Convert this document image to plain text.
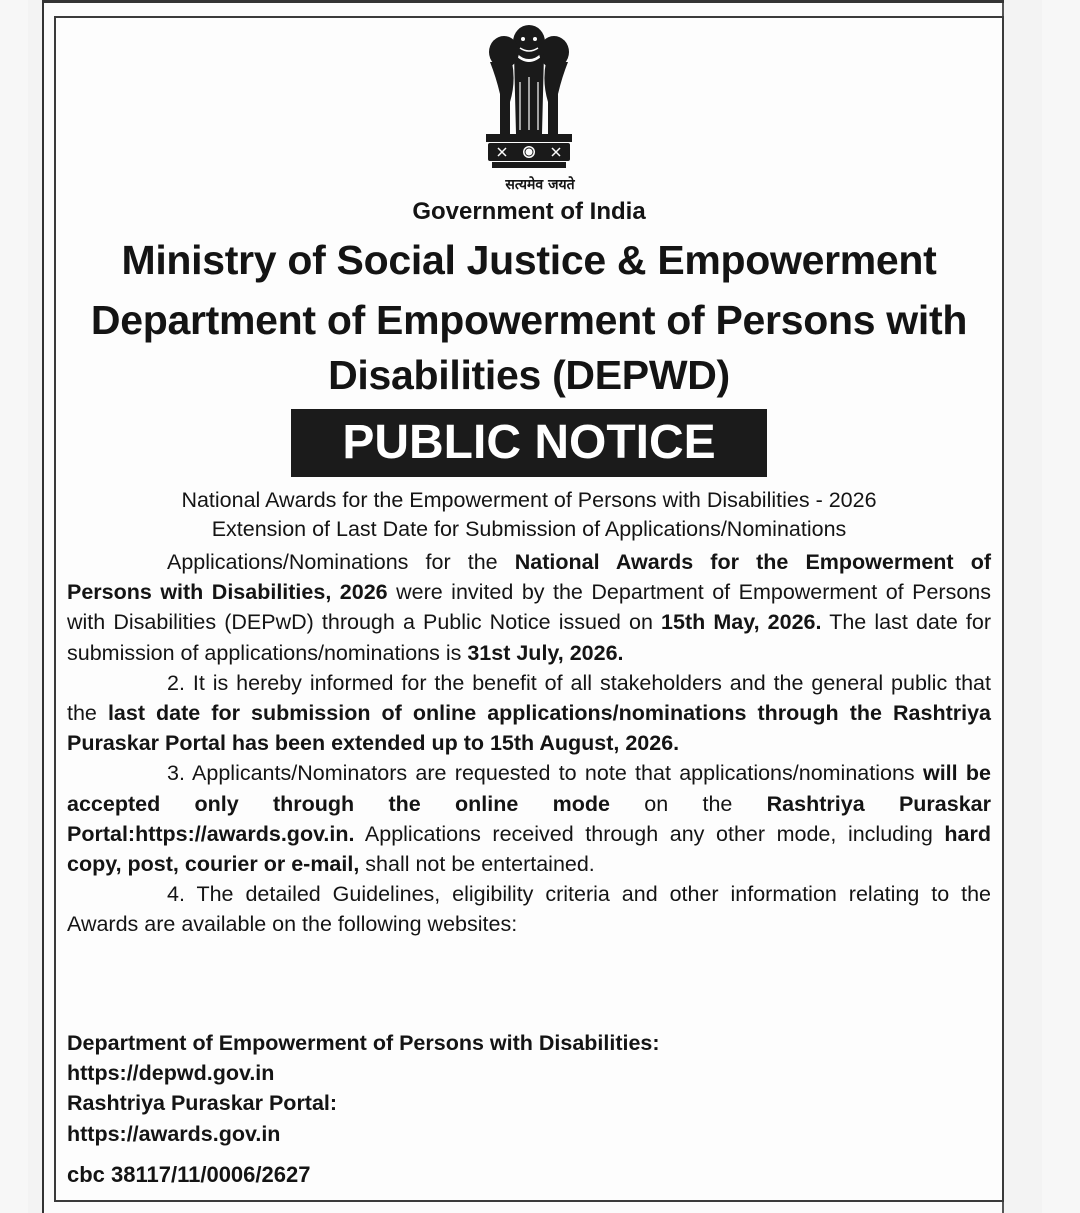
सत्यमेव जयते
Government of India
Ministry of Social Justice & Empowerment
Department of Empowerment of Persons with
Disabilities (DEPWD)
PUBLIC NOTICE
National Awards for the Empowerment of Persons with Disabilities - 2026
Extension of Last Date for Submission of Applications/Nominations

Applications/Nominations for the National Awards for the Empowerment of Persons with Disabilities, 2026 were invited by the Department of Empowerment of Persons with Disabilities (DEPwD) through a Public Notice issued on 15th May, 2026. The last date for submission of applications/nominations is 31st July, 2026.

2. It is hereby informed for the benefit of all stakeholders and the general public that the last date for submission of online applications/nominations through the Rashtriya Puraskar Portal has been extended up to 15th August, 2026.

3. Applicants/Nominators are requested to note that applications/nominations will be accepted only through the online mode on the Rashtriya Puraskar Portal:https://awards.gov.in. Applications received through any other mode, including hard copy, post, courier or e-mail, shall not be entertained.

4. The detailed Guidelines, eligibility criteria and other information relating to the Awards are available on the following websites:

Department of Empowerment of Persons with Disabilities:
https://depwd.gov.in
Rashtriya Puraskar Portal:
https://awards.gov.in
cbc 38117/11/0006/2627
